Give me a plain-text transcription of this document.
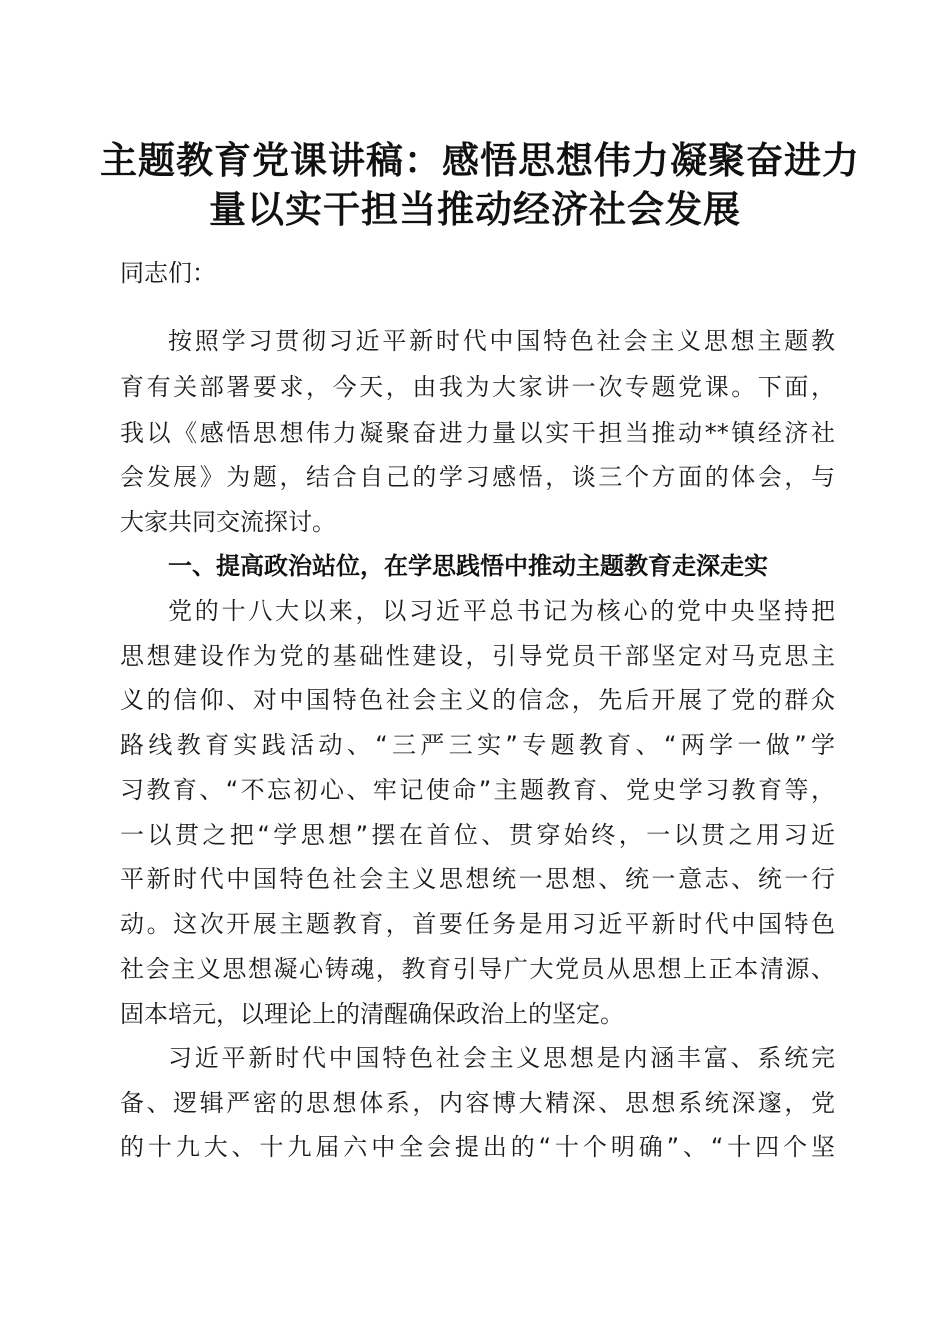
主题教育党课讲稿：感悟思想伟力凝聚奋进力
量以实干担当推动经济社会发展
同志们：
按照学习贯彻习近平新时代中国特色社会主义思想主题教
育有关部署要求，今天，由我为大家讲一次专题党课。下面，
我以《感悟思想伟力凝聚奋进力量以实干担当推动**镇经济社
会发展》为题，结合自己的学习感悟，谈三个方面的体会，与
大家共同交流探讨。
一、提高政治站位，在学思践悟中推动主题教育走深走实
党的十八大以来，以习近平总书记为核心的党中央坚持把
思想建设作为党的基础性建设，引导党员干部坚定对马克思主
义的信仰、对中国特色社会主义的信念，先后开展了党的群众
路线教育实践活动、“三严三实”专题教育、“两学一做”学
习教育、“不忘初心、牢记使命”主题教育、党史学习教育等，
一以贯之把“学思想”摆在首位、贯穿始终，一以贯之用习近
平新时代中国特色社会主义思想统一思想、统一意志、统一行
动。这次开展主题教育，首要任务是用习近平新时代中国特色
社会主义思想凝心铸魂，教育引导广大党员从思想上正本清源、
固本培元，以理论上的清醒确保政治上的坚定。
习近平新时代中国特色社会主义思想是内涵丰富、系统完
备、逻辑严密的思想体系，内容博大精深、思想系统深邃，党
的十九大、十九届六中全会提出的“十个明确”、“十四个坚
